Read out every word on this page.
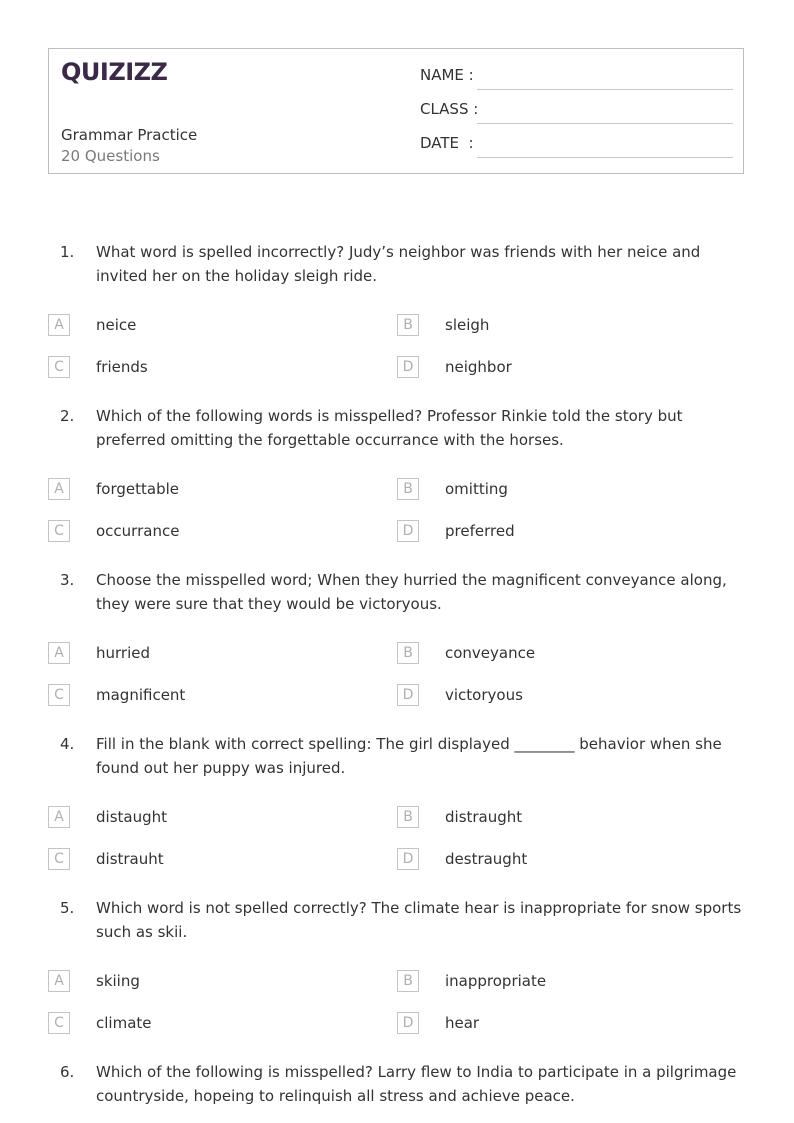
QUIZIZZ
Grammar Practice
20 Questions
NAME :
CLASS :
DATE  :
1. What word is spelled incorrectly? Judy’s neighbor was friends with her neice and invited her on the holiday sleigh ride.
A	neice	B	sleigh
C	friends	D	neighbor
2. Which of the following words is misspelled? Professor Rinkie told the story but preferred omitting the forgettable occurrance with the horses.
A	forgettable	B	omitting
C	occurrance	D	preferred
3. Choose the misspelled word; When they hurried the magnificent conveyance along, they were sure that they would be victoryous.
A	hurried	B	conveyance
C	magnificent	D	victoryous
4. Fill in the blank with correct spelling: The girl displayed ________ behavior when she found out her puppy was injured.
A	distaught	B	distraught
C	distrauht	D	destraught
5. Which word is not spelled correctly? The climate hear is inappropriate for snow sports such as skii.
A	skiing	B	inappropriate
C	climate	D	hear
6. Which of the following is misspelled? Larry flew to India to participate in a pilgrimage countryside, hopeing to relinquish all stress and achieve peace.
